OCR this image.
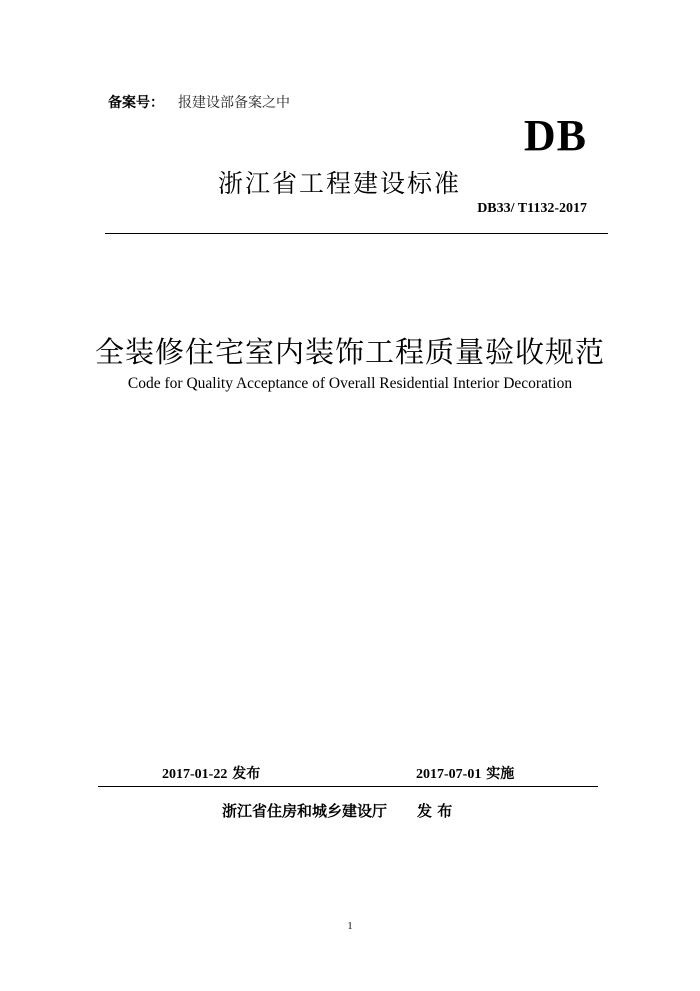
备案号： 报建设部备案之中
DB
浙江省工程建设标准
DB33/ T1132-2017
全装修住宅室内装饰工程质量验收规范
Code for Quality Acceptance of Overall Residential Interior Decoration
2017-01-22 发布	2017-07-01 实施
浙江省住房和城乡建设厅 发 布
1
